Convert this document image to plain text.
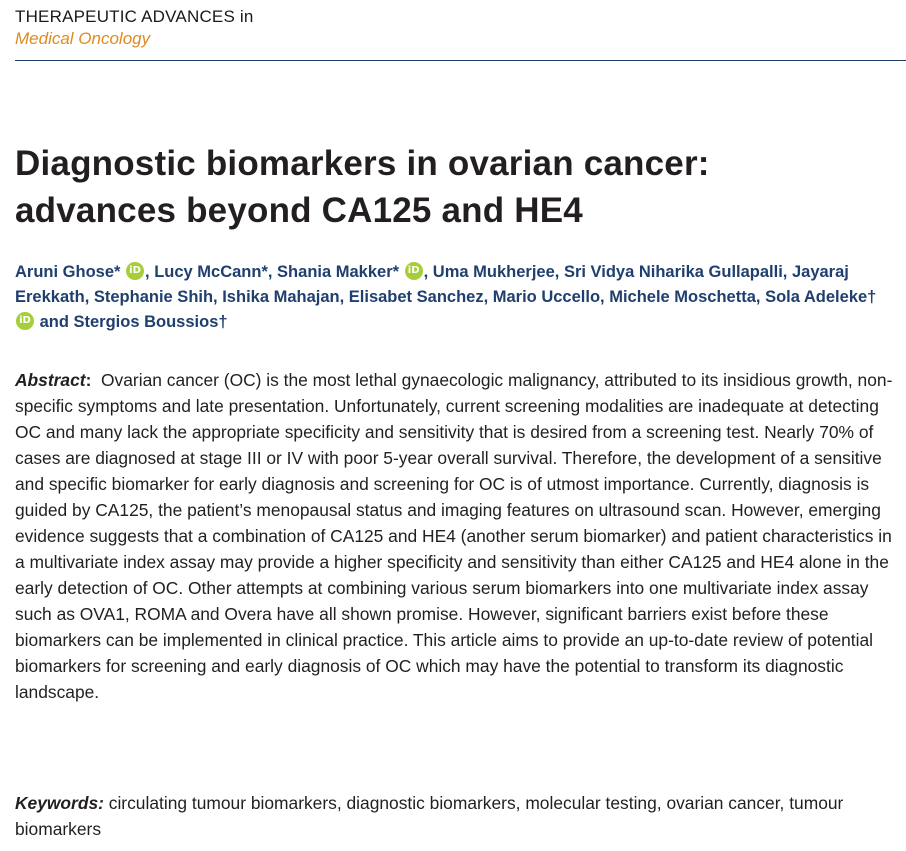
THERAPEUTIC ADVANCES in
Medical Oncology
Diagnostic biomarkers in ovarian cancer:
advances beyond CA125 and HE4
Aruni Ghose* iD , Lucy McCann*, Shania Makker* iD , Uma Mukherjee, Sri Vidya Niharika Gullapalli, Jayaraj Erekkath, Stephanie Shih, Ishika Mahajan, Elisabet Sanchez, Mario Uccello, Michele Moschetta, Sola Adeleke† iD and Stergios Boussios†
Abstract:  Ovarian cancer (OC) is the most lethal gynaecologic malignancy, attributed to its insidious growth, non-specific symptoms and late presentation. Unfortunately, current screening modalities are inadequate at detecting OC and many lack the appropriate specificity and sensitivity that is desired from a screening test. Nearly 70% of cases are diagnosed at stage III or IV with poor 5-year overall survival. Therefore, the development of a sensitive and specific biomarker for early diagnosis and screening for OC is of utmost importance. Currently, diagnosis is guided by CA125, the patient’s menopausal status and imaging features on ultrasound scan. However, emerging evidence suggests that a combination of CA125 and HE4 (another serum biomarker) and patient characteristics in a multivariate index assay may provide a higher specificity and sensitivity than either CA125 and HE4 alone in the early detection of OC. Other attempts at combining various serum biomarkers into one multivariate index assay such as OVA1, ROMA and Overa have all shown promise. However, significant barriers exist before these biomarkers can be implemented in clinical practice. This article aims to provide an up-to-date review of potential biomarkers for screening and early diagnosis of OC which may have the potential to transform its diagnostic landscape.
Keywords: circulating tumour biomarkers, diagnostic biomarkers, molecular testing, ovarian cancer, tumour biomarkers
